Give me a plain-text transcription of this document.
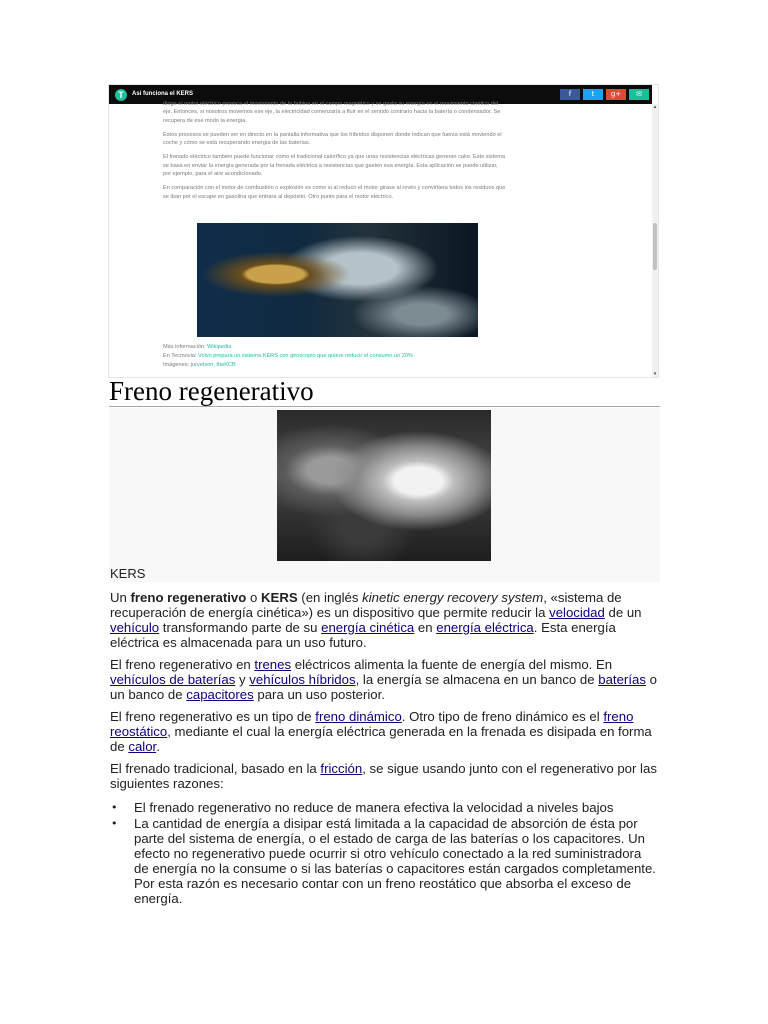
T	Así funciona el KERS	f	t	g+	✉

dirige el motor eléctrico provoca el movimiento de la bobina en el campo magnético y se gasta su energía en el movimiento cinético del eje. Entonces, si nosotros movemos ese eje, la electricidad comenzaría a fluir en el sentido contrario hacia la batería o condensador. Se recupera de ese modo la energía.

Estos procesos se pueden ver en directo en la pantalla informativa que los híbridos disponen donde indican que fuerza está moviendo el coche y cómo se está recuperando energía de las baterías.

El frenado eléctrico también puede funcionar como el tradicional calorífico ya que unas resistencias eléctricas generan calor. Este sistema se basa en enviar la energía generada por la frenada eléctrica a resistencias que gasten esa energía. Esta aplicación se puede utilizar, por ejemplo, para el aire acondicionado.

En comparación con el motor de combustión o explosión es como si al reducir el motor girase al revés y convirtiera todos los residuos que se iban por el escape en gasolina que entrara al depósito. Otro punto para el motor eléctrico.

Más información: Wikipedia
En Tecmovia: Volvo prepara un sistema KERS con giroscopio que quiere reducir el consumo un 20%
Imágenes: jurvetson, theKCB
▴
▾
Freno regenerativo
KERS

Un freno regenerativo o KERS (en inglés kinetic energy recovery system, «sistema de recuperación de energía cinética») es un dispositivo que permite reducir la velocidad de un vehículo transformando parte de su energía cinética en energía eléctrica. Esta energía eléctrica es almacenada para un uso futuro.

El freno regenerativo en trenes eléctricos alimenta la fuente de energía del mismo. En vehículos de baterías y vehículos híbridos, la energía se almacena en un banco de baterías o un banco de capacitores para un uso posterior.

El freno regenerativo es un tipo de freno dinámico. Otro tipo de freno dinámico es el freno reostático, mediante el cual la energía eléctrica generada en la frenada es disipada en forma de calor.

El frenado tradicional, basado en la fricción, se sigue usando junto con el regenerativo por las siguientes razones:

• El frenado regenerativo no reduce de manera efectiva la velocidad a niveles bajos
• La cantidad de energía a disipar está limitada a la capacidad de absorción de ésta por parte del sistema de energía, o el estado de carga de las baterías o los capacitores. Un efecto no regenerativo puede ocurrir si otro vehículo conectado a la red suministradora de energía no la consume o si las baterías o capacitores están cargados completamente. Por esta razón es necesario contar con un freno reostático que absorba el exceso de energía.
